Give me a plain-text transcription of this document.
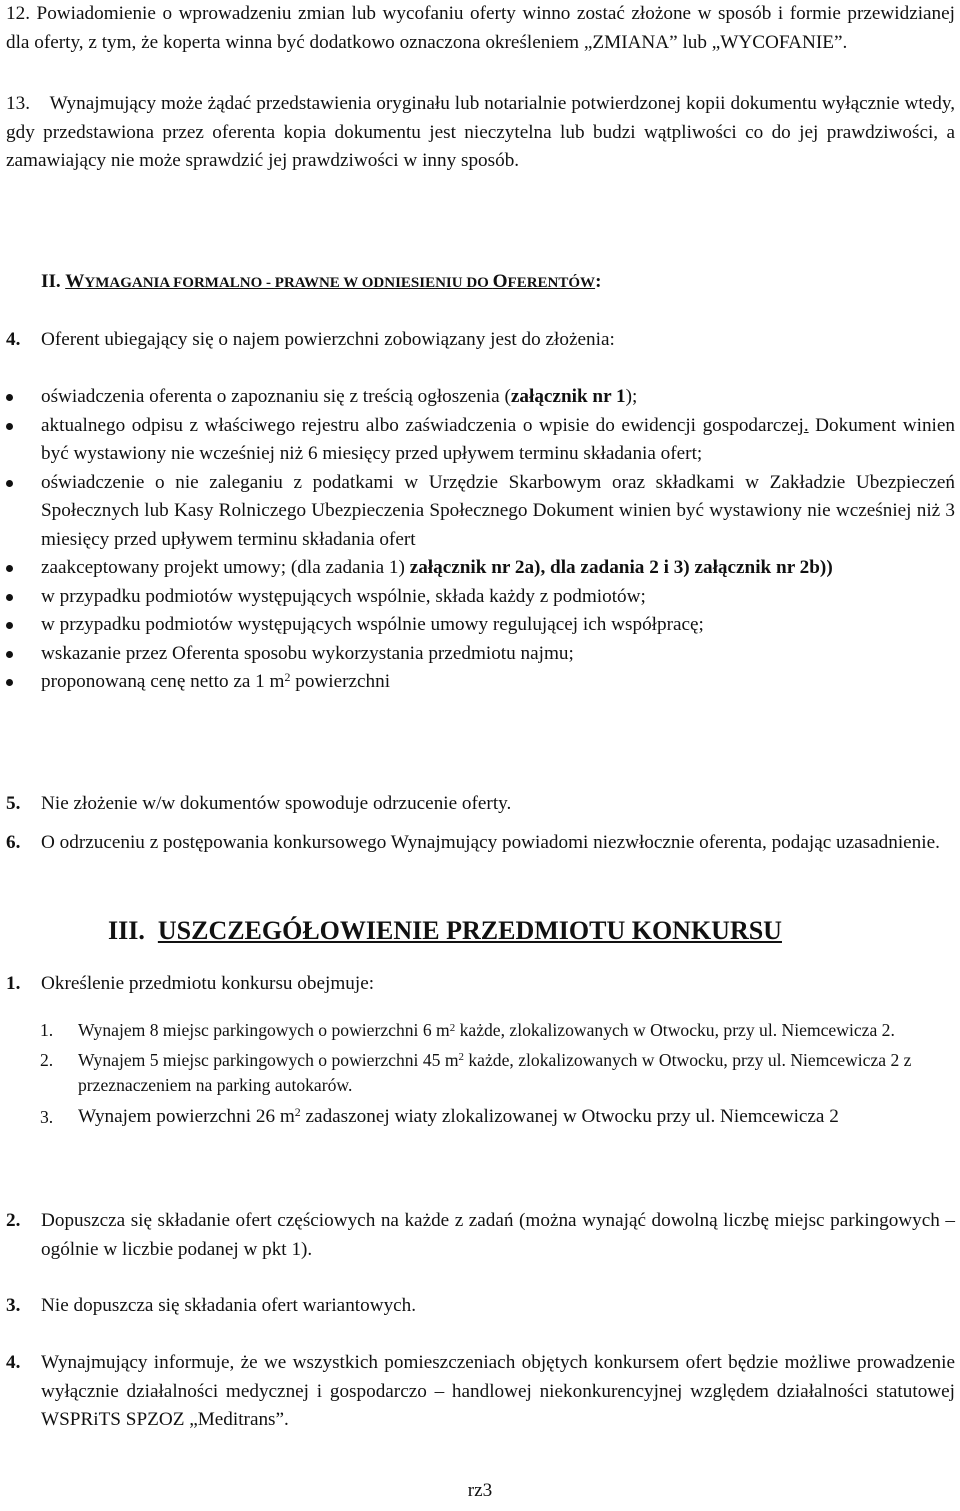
12. Powiadomienie o wprowadzeniu zmian lub wycofaniu oferty winno zostać złożone w sposób i formie przewidzianej dla oferty, z tym, że koperta winna być dodatkowo oznaczona określeniem „ZMIANA” lub „WYCOFANIE”.

13. Wynajmujący może żądać przedstawienia oryginału lub notarialnie potwierdzonej kopii dokumentu wyłącznie wtedy, gdy przedstawiona przez oferenta kopia dokumentu jest nieczytelna lub budzi wątpliwości co do jej prawdziwości, a zamawiający nie może sprawdzić jej prawdziwości w inny sposób.

II. WYMAGANIA FORMALNO - PRAWNE W ODNIESIENIU DO OFERENTÓW:
4. Oferent ubiegający się o najem powierzchni zobowiązany jest do złożenia:
oświadczenia oferenta o zapoznaniu się z treścią ogłoszenia (załącznik nr 1);
aktualnego odpisu z właściwego rejestru albo zaświadczenia o wpisie do ewidencji gospodarczej. Dokument winien być wystawiony nie wcześniej niż 6 miesięcy przed upływem terminu składania ofert;
oświadczenie o nie zaleganiu z podatkami w Urzędzie Skarbowym oraz składkami w Zakładzie Ubezpieczeń Społecznych lub Kasy Rolniczego Ubezpieczenia Społecznego Dokument winien być wystawiony nie wcześniej niż 3 miesięcy przed upływem terminu składania ofert
zaakceptowany projekt umowy; (dla zadania 1) załącznik nr 2a), dla zadania 2 i 3) załącznik nr 2b))
w przypadku podmiotów występujących wspólnie, składa każdy z podmiotów;
w przypadku podmiotów występujących wspólnie umowy regulującej ich współpracę;
wskazanie przez Oferenta sposobu wykorzystania przedmiotu najmu;
proponowaną cenę netto za 1 $m^2$ powierzchni
5. Nie złożenie w/w dokumentów spowoduje odrzucenie oferty.
6. O odrzuceniu z postępowania konkursowego Wynajmujący powiadomi niezwłocznie oferenta, podając uzasadnienie.
III. USZCZEGÓŁOWIENIE PRZEDMIOTU KONKURSU
1. Określenie przedmiotu konkursu obejmuje:
1. Wynajem 8 miejsc parkingowych o powierzchni 6 $m^2$ każde, zlokalizowanych w Otwocku, przy ul. Niemcewicza 2.
2. Wynajem 5 miejsc parkingowych o powierzchni 45 $m^2$ każde, zlokalizowanych w Otwocku, przy ul. Niemcewicza 2 z przeznaczeniem na parking autokarów.
3. Wynajem powierzchni 26 $m^2$ zadaszonej wiaty zlokalizowanej w Otwocku przy ul. Niemcewicza 2
2. Dopuszcza się składanie ofert częściowych na każde z zadań (można wynająć dowolną liczbę miejsc parkingowych – ogólnie w liczbie podanej w pkt 1).
3. Nie dopuszcza się składania ofert wariantowych.
4. Wynajmujący informuje, że we wszystkich pomieszczeniach objętych konkursem ofert będzie możliwe prowadzenie wyłącznie działalności medycznej i gospodarczo – handlowej niekonkurencyjnej względem działalności statutowej WSPRiTS SPZOZ „Meditrans”.
rz3
